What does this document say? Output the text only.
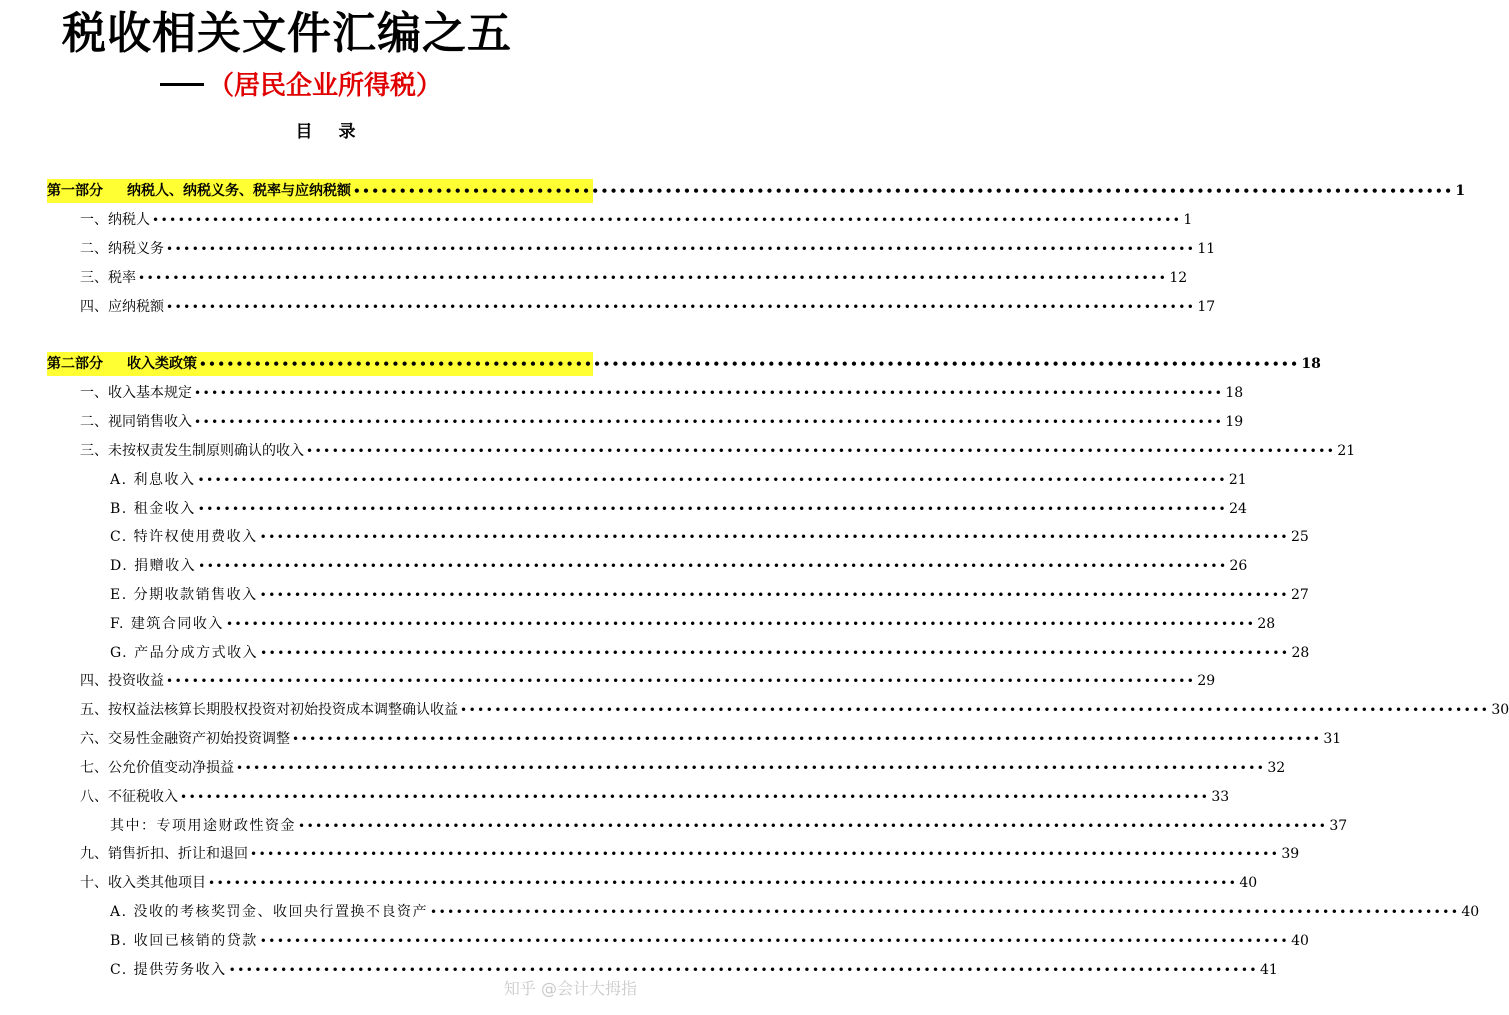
税收相关文件汇编之五
（居民企业所得税）
目录
第一部分 纳税人、纳税义务、税率与应纳税额 •••••••••••••••••••••••••••••••••••••••••••••••••••••••••••••••••••••••••••••••••••••••••••••••••••••••••••••••••••••••• 1
一、纳税人 •••••••••••••••••••••••••••••••••••••••••••••••••••••••••••••••••••••••••••••••••••••••••••••••••••••••••••••••••••••••• 1
二、纳税义务 •••••••••••••••••••••••••••••••••••••••••••••••••••••••••••••••••••••••••••••••••••••••••••••••••••••••••••••••••••••••• 11
三、税率 •••••••••••••••••••••••••••••••••••••••••••••••••••••••••••••••••••••••••••••••••••••••••••••••••••••••••••••••••••••••• 12
四、应纳税额 •••••••••••••••••••••••••••••••••••••••••••••••••••••••••••••••••••••••••••••••••••••••••••••••••••••••••••••••••••••••• 17
第二部分 收入类政策 •••••••••••••••••••••••••••••••••••••••••••••••••••••••••••••••••••••••••••••••••••••••••••••••••••••••••••••••••••••••• 18
一、收入基本规定 •••••••••••••••••••••••••••••••••••••••••••••••••••••••••••••••••••••••••••••••••••••••••••••••••••••••••••••••••••••••• 18
二、视同销售收入 •••••••••••••••••••••••••••••••••••••••••••••••••••••••••••••••••••••••••••••••••••••••••••••••••••••••••••••••••••••••• 19
三、未按权责发生制原则确认的收入 •••••••••••••••••••••••••••••••••••••••••••••••••••••••••••••••••••••••••••••••••••••••••••••••••••••••••••••••••••••••• 21
A. 利息收入 •••••••••••••••••••••••••••••••••••••••••••••••••••••••••••••••••••••••••••••••••••••••••••••••••••••••••••••••••••••••• 21
B. 租金收入 •••••••••••••••••••••••••••••••••••••••••••••••••••••••••••••••••••••••••••••••••••••••••••••••••••••••••••••••••••••••• 24
C. 特许权使用费收入 •••••••••••••••••••••••••••••••••••••••••••••••••••••••••••••••••••••••••••••••••••••••••••••••••••••••••••••••••••••••• 25
D. 捐赠收入 •••••••••••••••••••••••••••••••••••••••••••••••••••••••••••••••••••••••••••••••••••••••••••••••••••••••••••••••••••••••• 26
E. 分期收款销售收入 •••••••••••••••••••••••••••••••••••••••••••••••••••••••••••••••••••••••••••••••••••••••••••••••••••••••••••••••••••••••• 27
F. 建筑合同收入 •••••••••••••••••••••••••••••••••••••••••••••••••••••••••••••••••••••••••••••••••••••••••••••••••••••••••••••••••••••••• 28
G. 产品分成方式收入 •••••••••••••••••••••••••••••••••••••••••••••••••••••••••••••••••••••••••••••••••••••••••••••••••••••••••••••••••••••••• 28
四、投资收益 •••••••••••••••••••••••••••••••••••••••••••••••••••••••••••••••••••••••••••••••••••••••••••••••••••••••••••••••••••••••• 29
五、按权益法核算长期股权投资对初始投资成本调整确认收益 •••••••••••••••••••••••••••••••••••••••••••••••••••••••••••••••••••••••••••••••••••••••••••••••••••••••••••••••••••••••• 30
六、交易性金融资产初始投资调整 •••••••••••••••••••••••••••••••••••••••••••••••••••••••••••••••••••••••••••••••••••••••••••••••••••••••••••••••••••••••• 31
七、公允价值变动净损益 •••••••••••••••••••••••••••••••••••••••••••••••••••••••••••••••••••••••••••••••••••••••••••••••••••••••••••••••••••••••• 32
八、不征税收入 •••••••••••••••••••••••••••••••••••••••••••••••••••••••••••••••••••••••••••••••••••••••••••••••••••••••••••••••••••••••• 33
其中：专项用途财政性资金 •••••••••••••••••••••••••••••••••••••••••••••••••••••••••••••••••••••••••••••••••••••••••••••••••••••••••••••••••••••••• 37
九、销售折扣、折让和退回 •••••••••••••••••••••••••••••••••••••••••••••••••••••••••••••••••••••••••••••••••••••••••••••••••••••••••••••••••••••••• 39
十、收入类其他项目 •••••••••••••••••••••••••••••••••••••••••••••••••••••••••••••••••••••••••••••••••••••••••••••••••••••••••••••••••••••••• 40
A. 没收的考核奖罚金、收回央行置换不良资产 •••••••••••••••••••••••••••••••••••••••••••••••••••••••••••••••••••••••••••••••••••••••••••••••••••••••••••••••••••••••• 40
B. 收回已核销的贷款 •••••••••••••••••••••••••••••••••••••••••••••••••••••••••••••••••••••••••••••••••••••••••••••••••••••••••••••••••••••••• 40
C. 提供劳务收入 •••••••••••••••••••••••••••••••••••••••••••••••••••••••••••••••••••••••••••••••••••••••••••••••••••••••••••••••••••••••• 41
知乎 @会计大拇指
